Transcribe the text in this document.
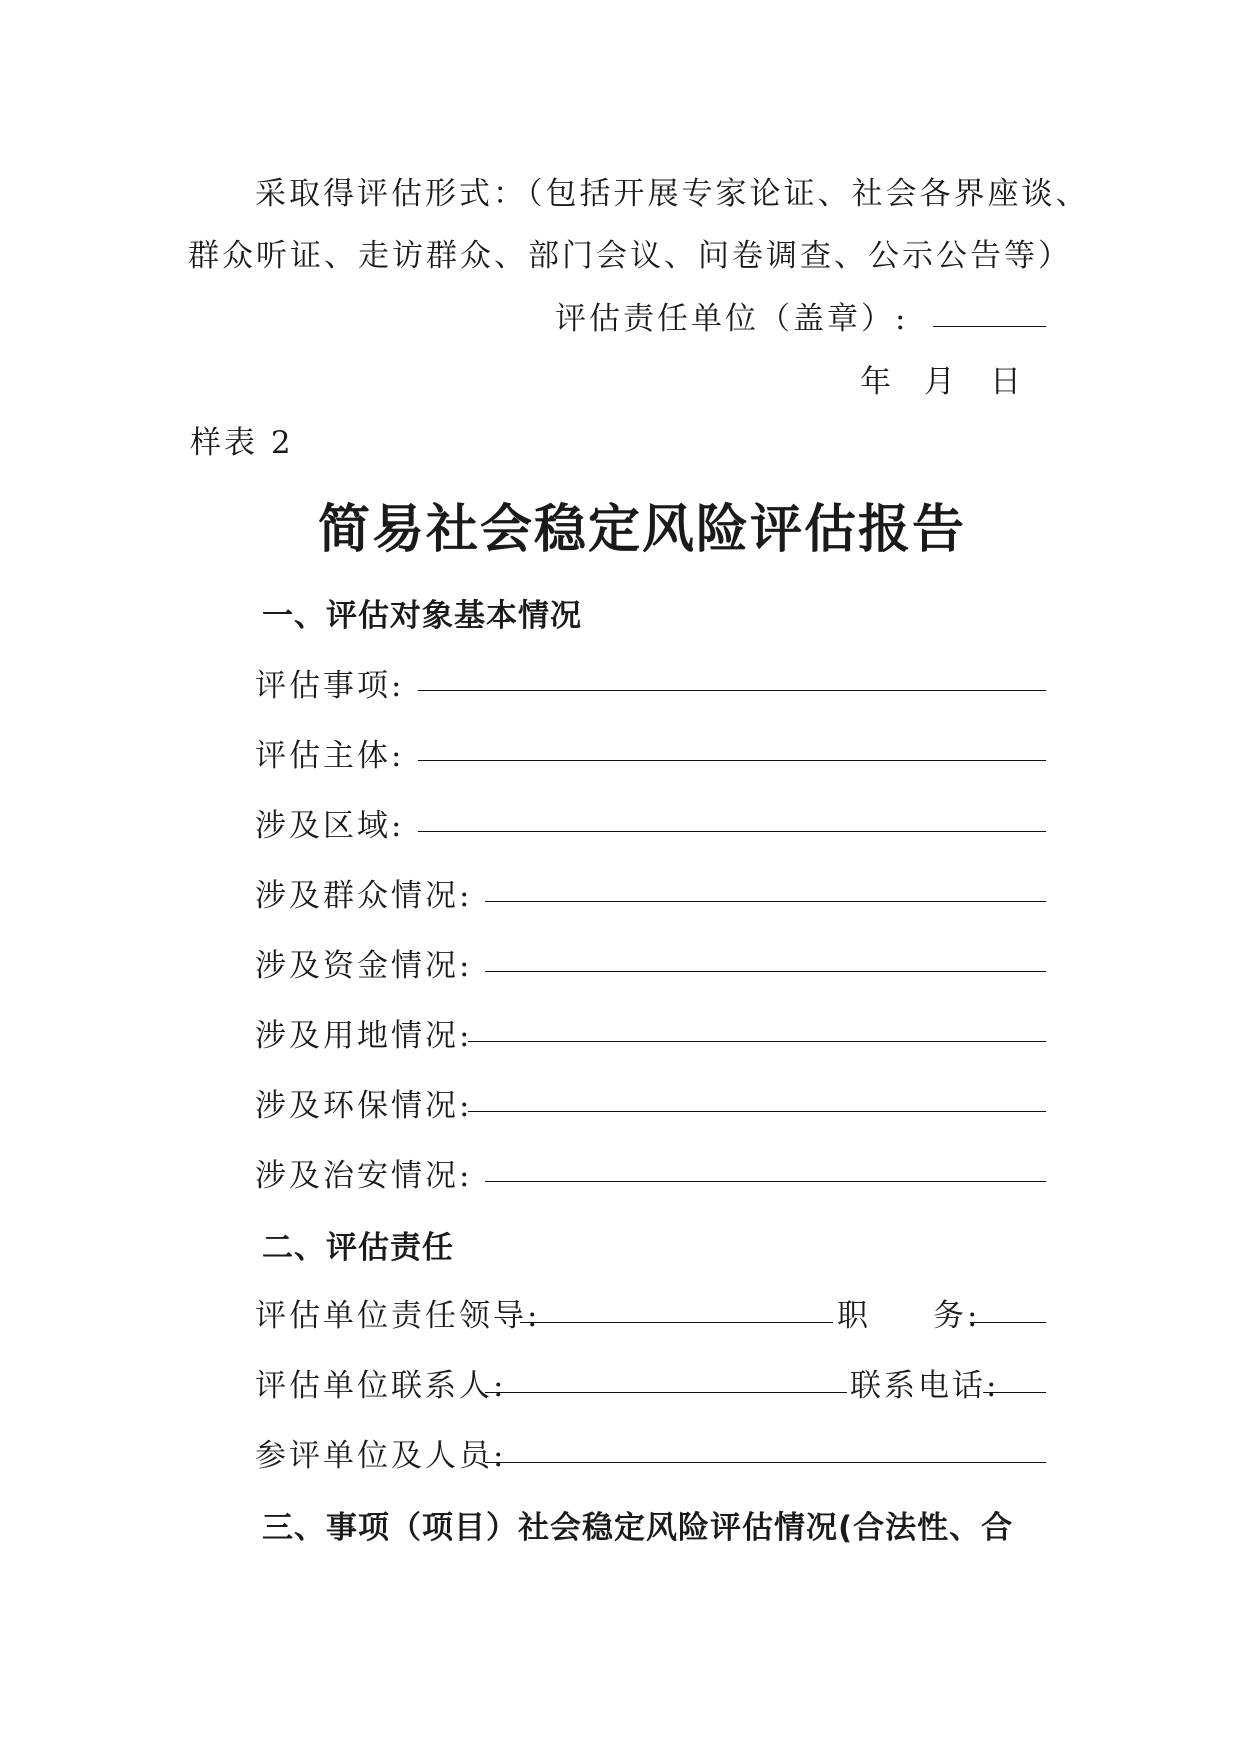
采取得评估形式：（包括开展专家论证、社会各界座谈、
群众听证、走访群众、部门会议、问卷调查、公示公告等）
评估责任单位（盖章）:
年 月 日
样表 2
简易社会稳定风险评估报告
一、评估对象基本情况
评估事项:
评估主体:
涉及区域:
涉及群众情况:
涉及资金情况:
涉及用地情况:
涉及环保情况:
涉及治安情况:
二、评估责任
评估单位责任领导:	职 务:
评估单位联系人:	联系电话:
参评单位及人员:
三、事项（项目）社会稳定风险评估情况(合法性、合
